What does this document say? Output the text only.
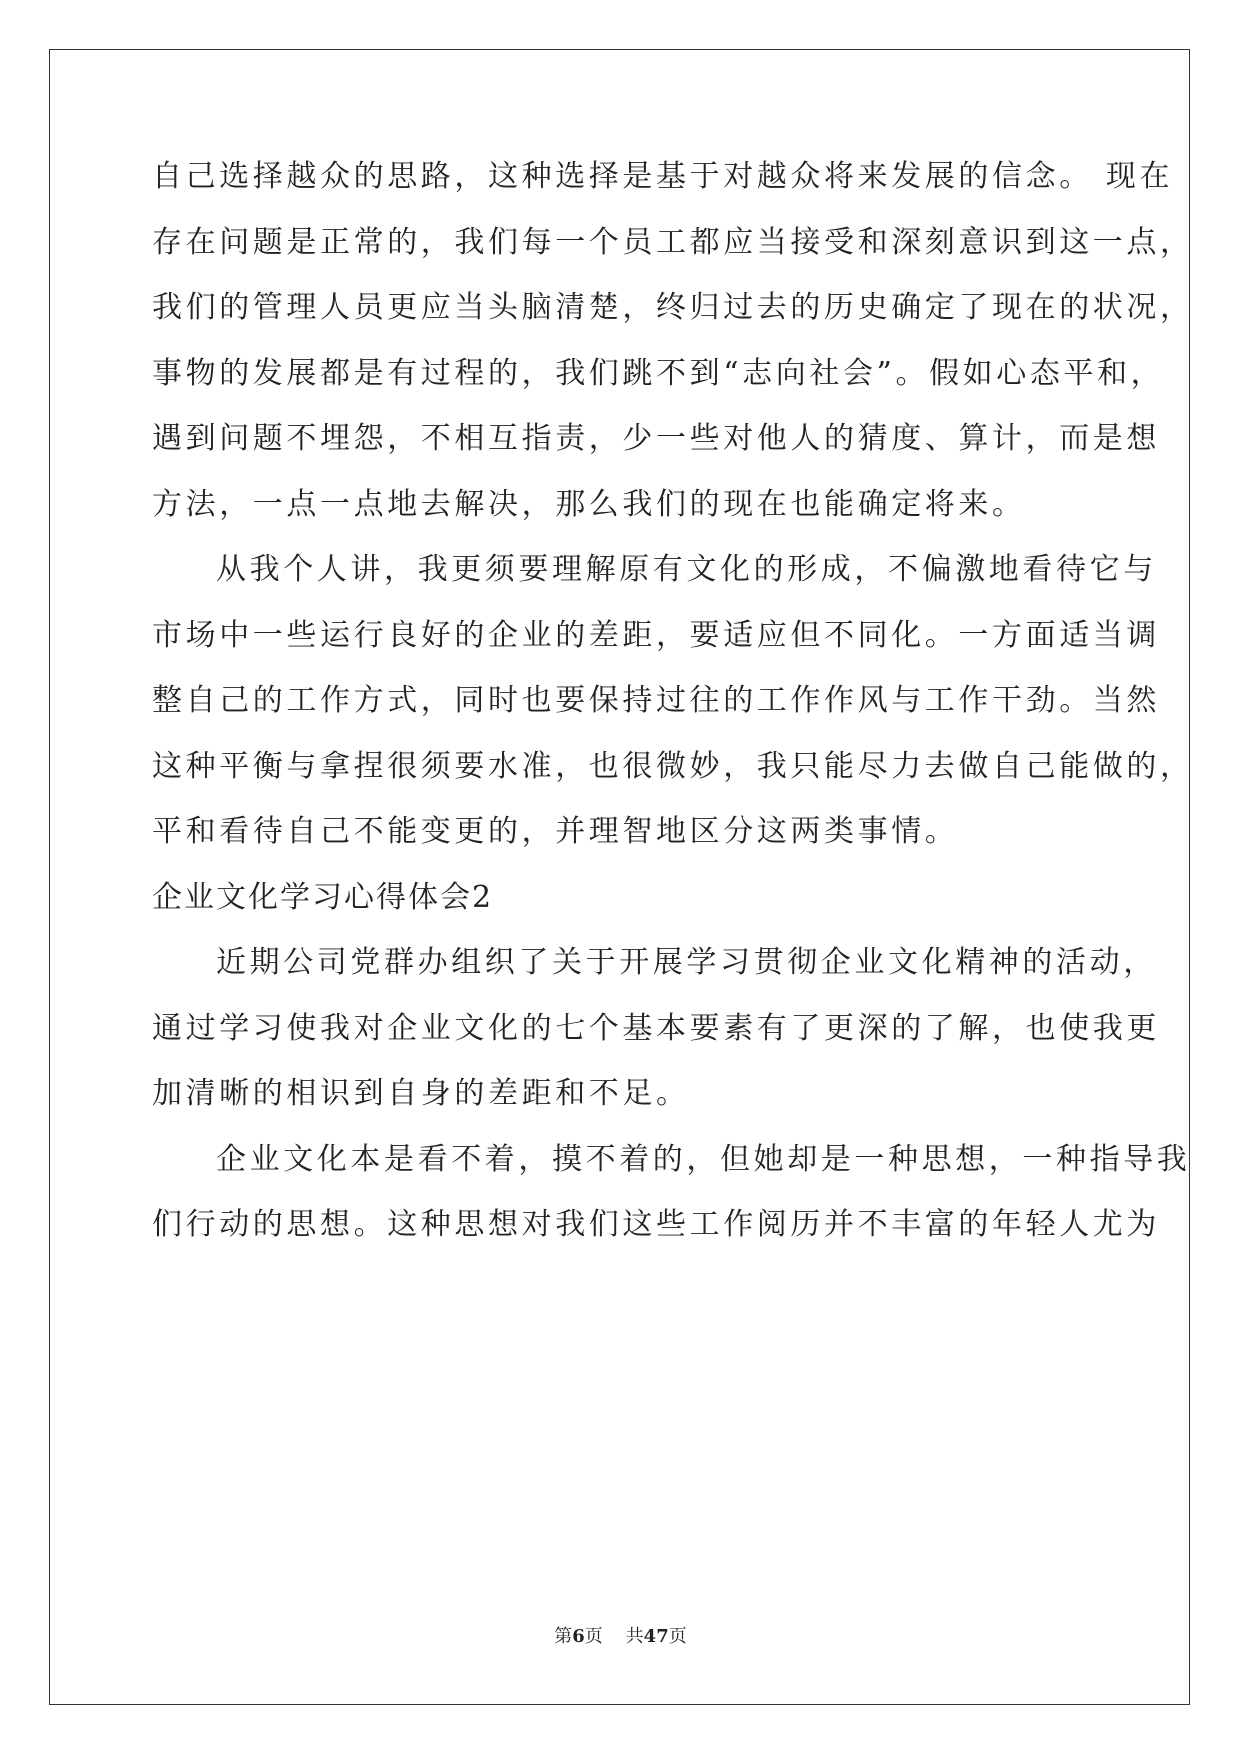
自己选择越众的思路，这种选择是基于对越众将来发展的信念。 现在
存在问题是正常的，我们每一个员工都应当接受和深刻意识到这一点，
我们的管理人员更应当头脑清楚，终归过去的历史确定了现在的状况，
事物的发展都是有过程的，我们跳不到“志向社会”。假如心态平和，
遇到问题不埋怨，不相互指责，少一些对他人的猜度、算计，而是想
方法，一点一点地去解决，那么我们的现在也能确定将来。
从我个人讲，我更须要理解原有文化的形成，不偏激地看待它与
市场中一些运行良好的企业的差距，要适应但不同化。一方面适当调
整自己的工作方式，同时也要保持过往的工作作风与工作干劲。当然
这种平衡与拿捏很须要水准，也很微妙，我只能尽力去做自己能做的，
平和看待自己不能变更的，并理智地区分这两类事情。
企业文化学习心得体会2
近期公司党群办组织了关于开展学习贯彻企业文化精神的活动，
通过学习使我对企业文化的七个基本要素有了更深的了解，也使我更
加清晰的相识到自身的差距和不足。
企业文化本是看不着，摸不着的，但她却是一种思想，一种指导我
们行动的思想。这种思想对我们这些工作阅历并不丰富的年轻人尤为
第6页 共47页
